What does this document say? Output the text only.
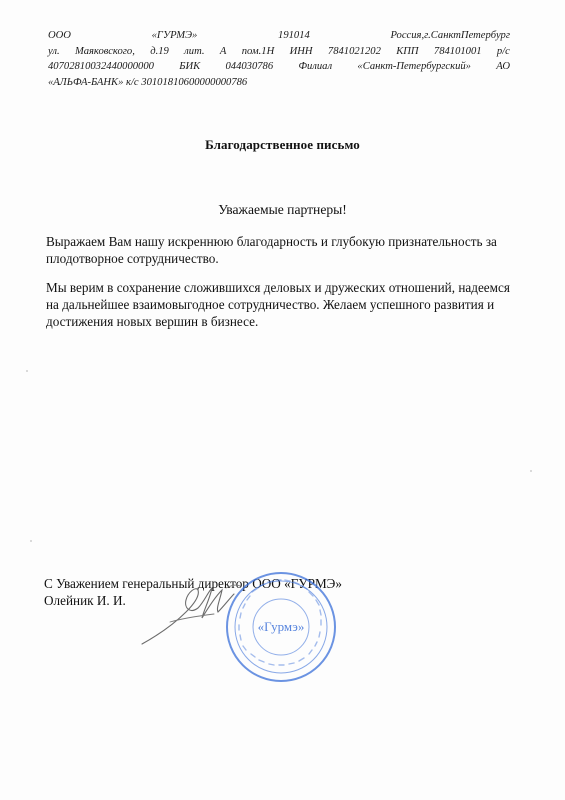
ООО	«ГУРМЭ»	191014	Россия,г.СанктПетербург
ул. Маяковского, д.19 лит. А пом.1Н ИНН 7841021202 КПП 784101001 р/с
40702810032440000000 БИК 044030786 Филиал «Санкт-Петербургский» АО
«АЛЬФА-БАНК» к/с 30101810600000000786
Благодарственное письмо
Уважаемые партнеры!
Выражаем Вам нашу искреннюю благодарность и глубокую признательность за плодотворное сотрудничество.
Мы верим в сохранение сложившихся деловых и дружеских отношений, надеемся на дальнейшее взаимовыгодное сотрудничество. Желаем успешного развития и достижения новых вершин в бизнесе.
С Уважением генеральный директор ООО «ГУРМЭ»
Олейник И. И.
«Гурмэ»
